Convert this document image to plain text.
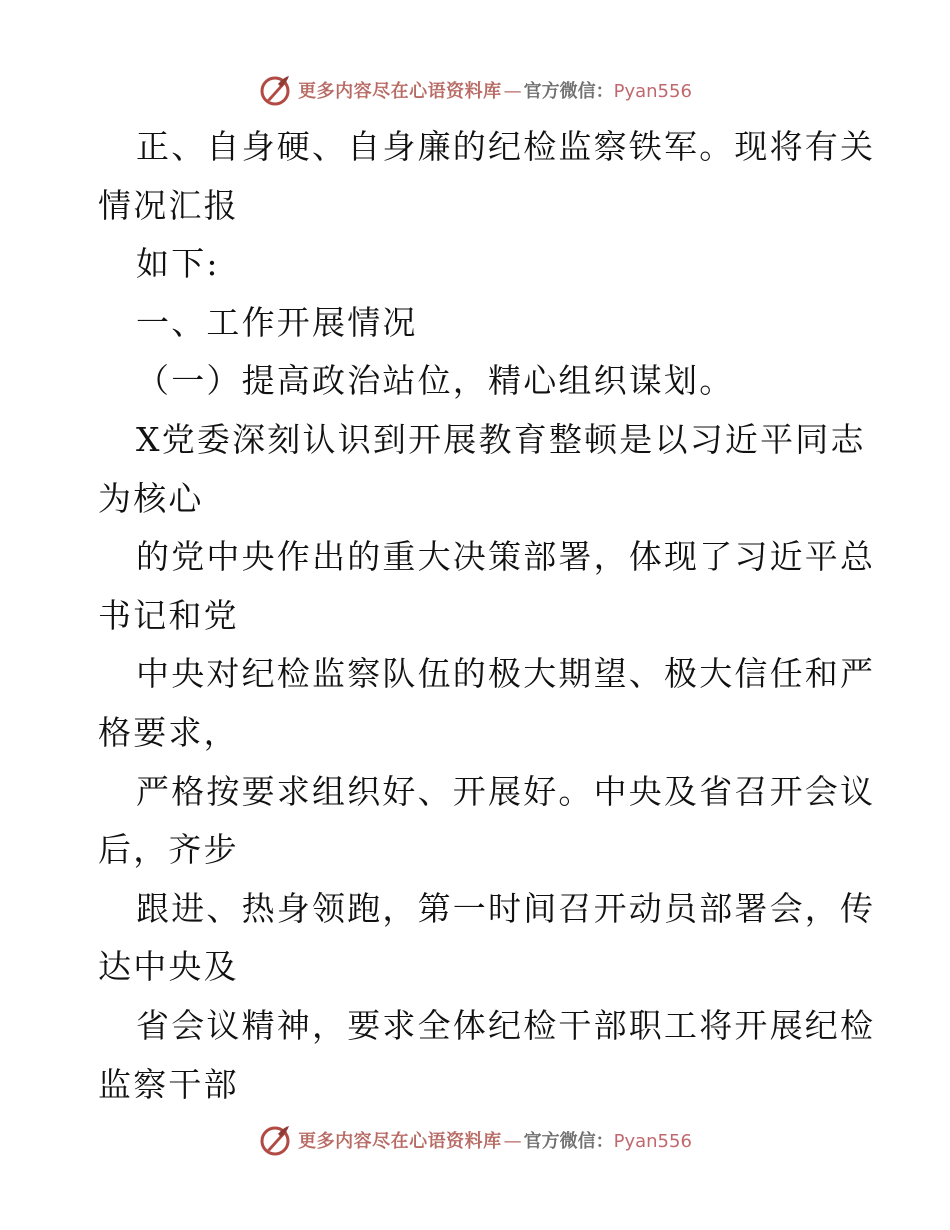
更多内容尽在心语资料库 — 官方微信： Pyan556
正、自身硬、自身廉的纪检监察铁军。现将有关
情况汇报
如下:
一、工作开展情况
（一）提高政治站位，精心组织谋划。
X党委深刻认识到开展教育整顿是以习近平同志
为核心
的党中央作出的重大决策部署，体现了习近平总
书记和党
中央对纪检监察队伍的极大期望、极大信任和严
格要求，
严格按要求组织好、开展好。中央及省召开会议
后，齐步
跟进、热身领跑，第一时间召开动员部署会，传
达中央及
省会议精神，要求全体纪检干部职工将开展纪检
监察干部
更多内容尽在心语资料库 — 官方微信： Pyan556
